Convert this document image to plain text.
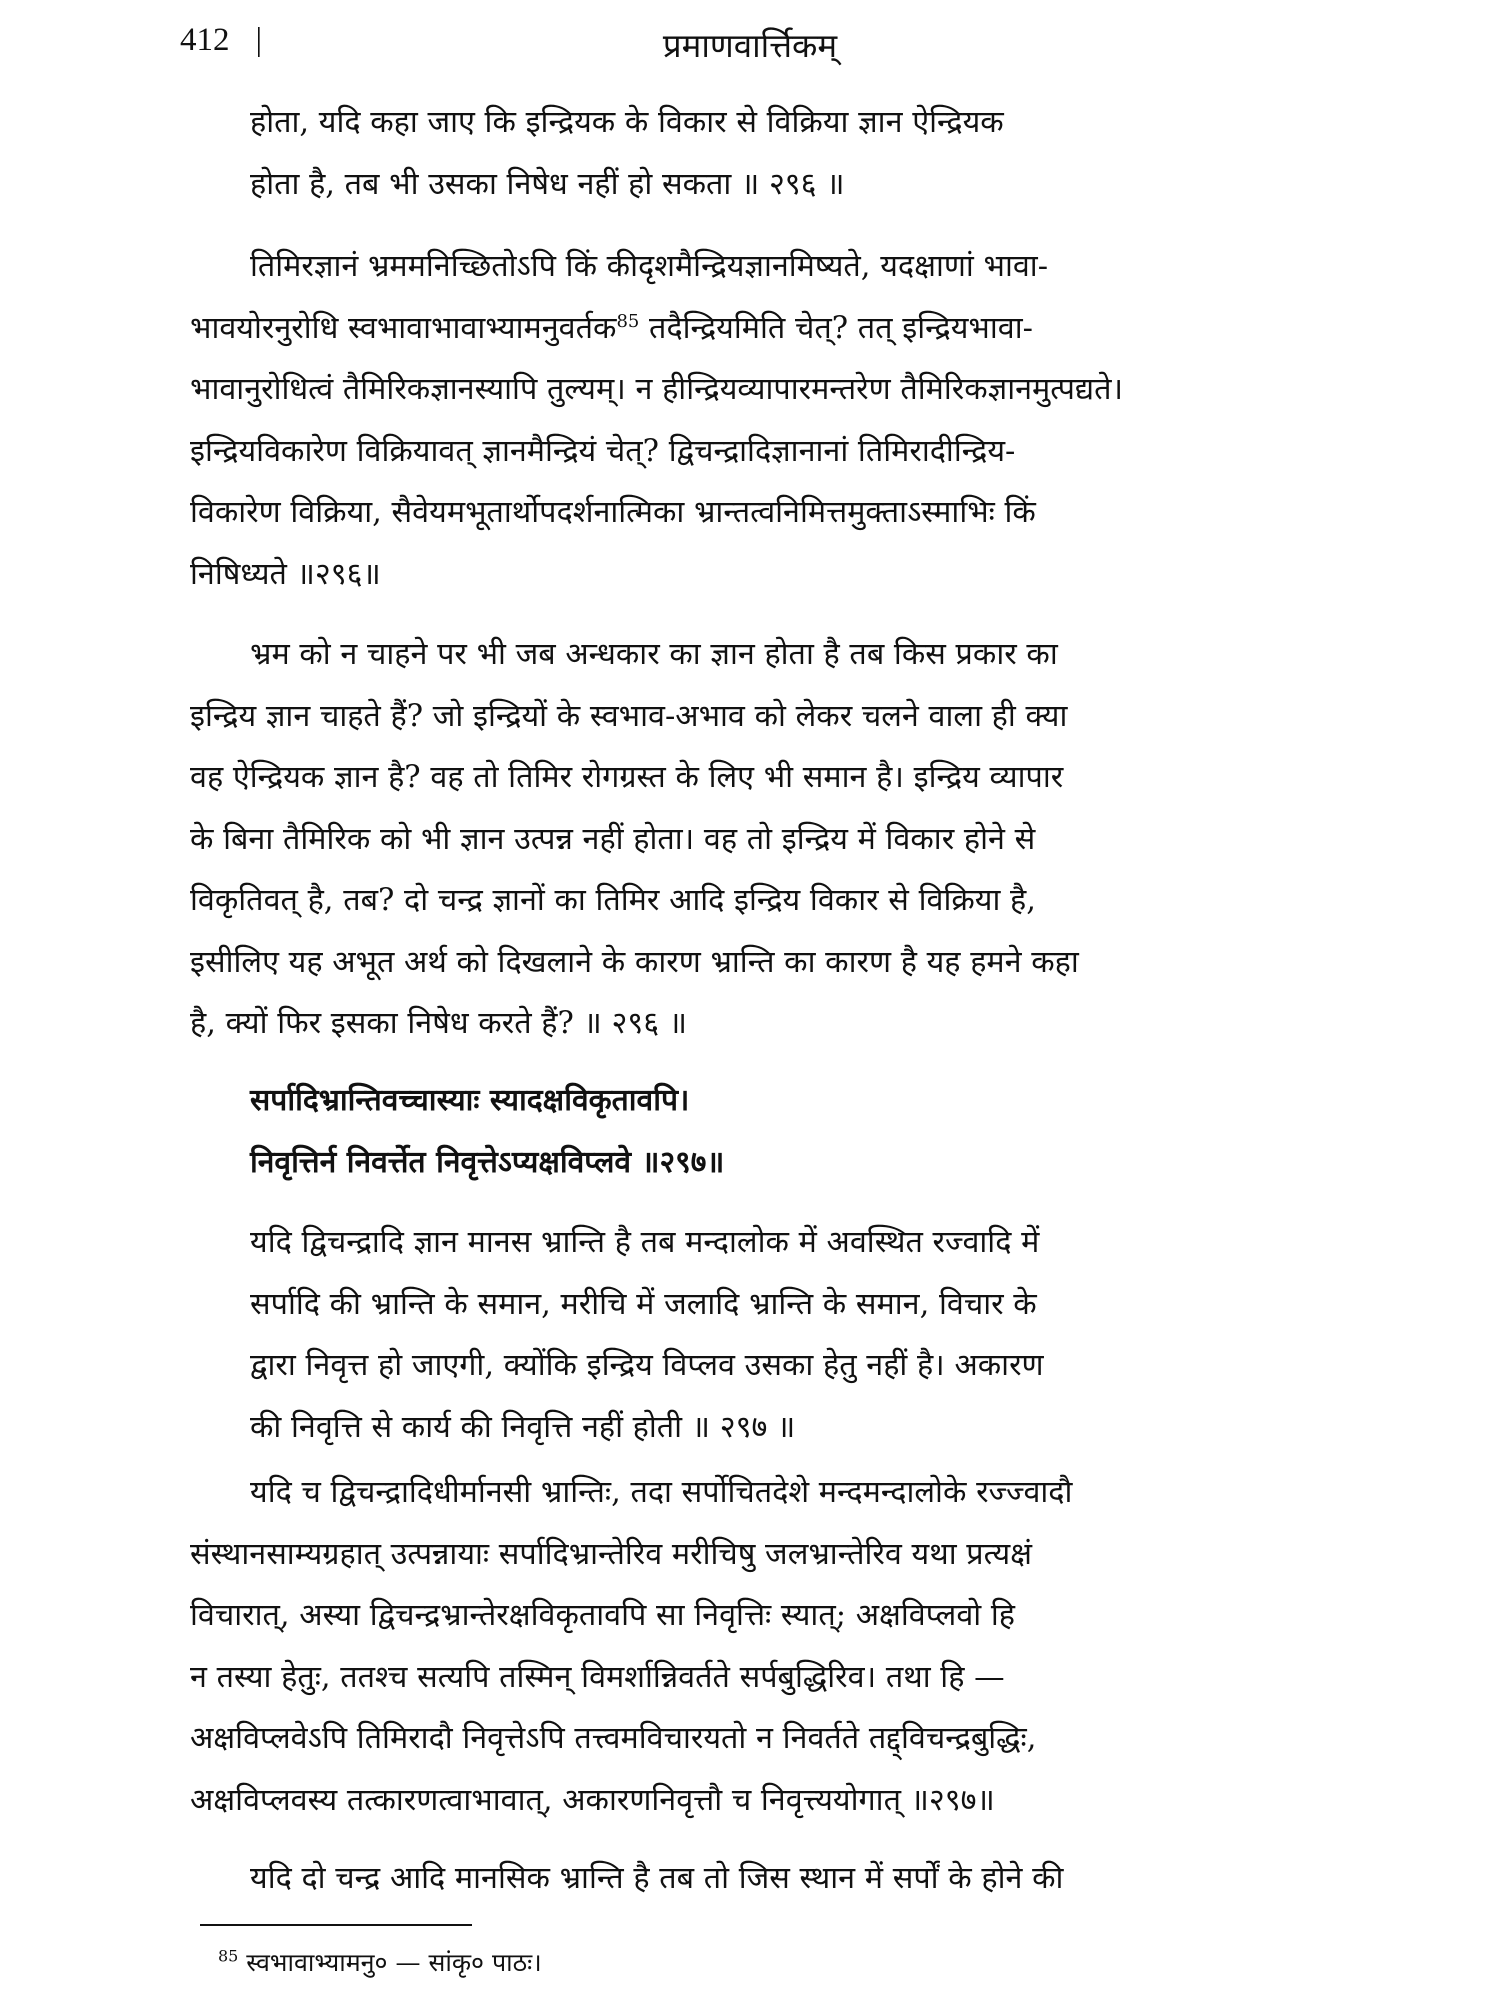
412 |	प्रमाणवार्त्तिकम्

होता, यदि कहा जाए कि इन्द्रियक के विकार से विक्रिया ज्ञान ऐन्द्रियक
होता है, तब भी उसका निषेध नहीं हो सकता ॥ २९६ ॥

तिमिरज्ञानं भ्रममनिच्छितोऽपि किं कीदृशमैन्द्रियज्ञानमिष्यते, यदक्षाणां भावा-
भावयोरनुरोधि स्वभावाभावाभ्यामनुवर्तक$^{85}$ तदैन्द्रियमिति चेत्? तत् इन्द्रियभावा-
भावानुरोधित्वं तैमिरिकज्ञानस्यापि तुल्यम्। न हीन्द्रियव्यापारमन्तरेण तैमिरिकज्ञानमुत्पद्यते।
इन्द्रियविकारेण विक्रियावत् ज्ञानमैन्द्रियं चेत्? द्विचन्द्रादिज्ञानानां तिमिरादीन्द्रिय-
विकारेण विक्रिया, सैवेयमभूतार्थोपदर्शनात्मिका भ्रान्तत्वनिमित्तमुक्ताऽस्माभिः किं
निषिध्यते ॥२९६॥

भ्रम को न चाहने पर भी जब अन्धकार का ज्ञान होता है तब किस प्रकार का
इन्द्रिय ज्ञान चाहते हैं? जो इन्द्रियों के स्वभाव-अभाव को लेकर चलने वाला ही क्या
वह ऐन्द्रियक ज्ञान है? वह तो तिमिर रोगग्रस्त के लिए भी समान है। इन्द्रिय व्यापार
के बिना तैमिरिक को भी ज्ञान उत्पन्न नहीं होता। वह तो इन्द्रिय में विकार होने से
विकृतिवत् है, तब? दो चन्द्र ज्ञानों का तिमिर आदि इन्द्रिय विकार से विक्रिया है,
इसीलिए यह अभूत अर्थ को दिखलाने के कारण भ्रान्ति का कारण है यह हमने कहा
है, क्यों फिर इसका निषेध करते हैं? ॥ २९६ ॥

सर्पादिभ्रान्तिवच्चास्याः स्यादक्षविकृतावपि।
निवृत्तिर्न निवर्त्तेत निवृत्तेऽप्यक्षविप्लवे ॥२९७॥

यदि द्विचन्द्रादि ज्ञान मानस भ्रान्ति है तब मन्दालोक में अवस्थित रज्वादि में
सर्पादि की भ्रान्ति के समान, मरीचि में जलादि भ्रान्ति के समान, विचार के
द्वारा निवृत्त हो जाएगी, क्योंकि इन्द्रिय विप्लव उसका हेतु नहीं है। अकारण
की निवृत्ति से कार्य की निवृत्ति नहीं होती ॥ २९७ ॥

यदि च द्विचन्द्रादिधीर्मानसी भ्रान्तिः, तदा सर्पोचितदेशे मन्दमन्दालोके रज्ज्वादौ
संस्थानसाम्यग्रहात् उत्पन्नायाः सर्पादिभ्रान्तेरिव मरीचिषु जलभ्रान्तेरिव यथा प्रत्यक्षं
विचारात्, अस्या द्विचन्द्रभ्रान्तेरक्षविकृतावपि सा निवृत्तिः स्यात्; अक्षविप्लवो हि
न तस्या हेतुः, ततश्च सत्यपि तस्मिन् विमर्शान्निवर्तते सर्पबुद्धिरिव। तथा हि —
अक्षविप्लवेऽपि तिमिरादौ निवृत्तेऽपि तत्त्वमविचारयतो न निवर्तते तद्द्विचन्द्रबुद्धिः,
अक्षविप्लवस्य तत्कारणत्वाभावात्, अकारणनिवृत्तौ च निवृत्त्ययोगात् ॥२९७॥

यदि दो चन्द्र आदि मानसिक भ्रान्ति है तब तो जिस स्थान में सर्पों के होने की

$^{85}$ स्वभावाभ्यामनु० — सांकृ० पाठः।
